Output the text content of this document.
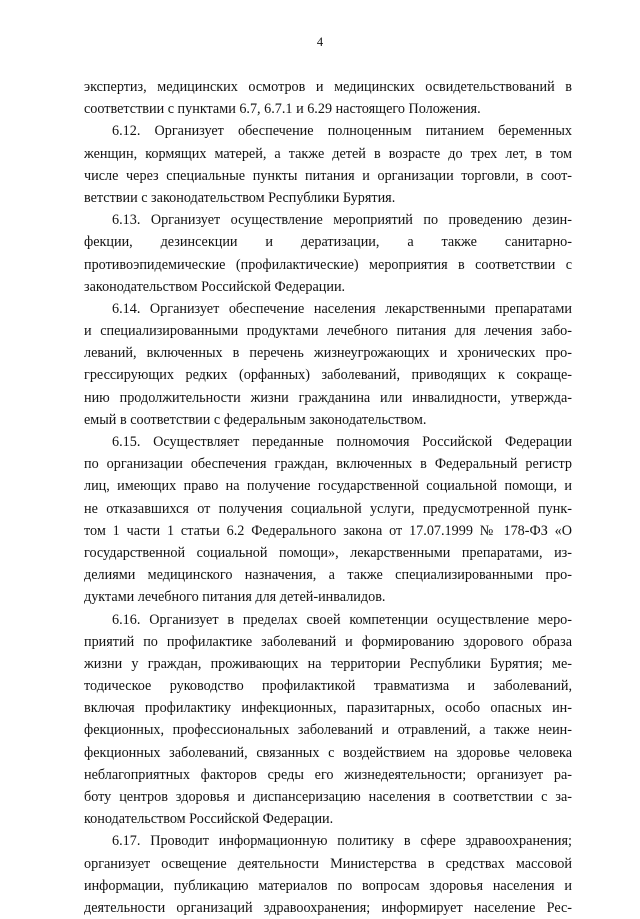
4
экспертиз, медицинских осмотров и медицинских освидетельствований в
соответствии с пунктами 6.7, 6.7.1 и 6.29 настоящего Положения.
6.12. Организует обеспечение полноценным питанием беременных
женщин, кормящих матерей, а также детей в возрасте до трех лет, в том
числе через специальные пункты питания и организации торговли, в соот-
ветствии с законодательством Республики Бурятия.
6.13. Организует осуществление мероприятий по проведению дезин-
фекции, дезинсекции и дератизации, а также санитарно-
противоэпидемические (профилактические) мероприятия в соответствии с
законодательством Российской Федерации.
6.14. Организует обеспечение населения лекарственными препаратами
и специализированными продуктами лечебного питания для лечения забо-
леваний, включенных в перечень жизнеугрожающих и хронических про-
грессирующих редких (орфанных) заболеваний, приводящих к сокраще-
нию продолжительности жизни гражданина или инвалидности, утвержда-
емый в соответствии с федеральным законодательством.
6.15. Осуществляет переданные полномочия Российской Федерации
по организации обеспечения граждан, включенных в Федеральный регистр
лиц, имеющих право на получение государственной социальной помощи, и
не отказавшихся от получения социальной услуги, предусмотренной пунк-
том 1 части 1 статьи 6.2 Федерального закона от 17.07.1999 № 178-ФЗ «О
государственной социальной помощи», лекарственными препаратами, из-
делиями медицинского назначения, а также специализированными про-
дуктами лечебного питания для детей-инвалидов.
6.16. Организует в пределах своей компетенции осуществление меро-
приятий по профилактике заболеваний и формированию здорового образа
жизни у граждан, проживающих на территории Республики Бурятия; ме-
тодическое руководство профилактикой травматизма и заболеваний,
включая профилактику инфекционных, паразитарных, особо опасных ин-
фекционных, профессиональных заболеваний и отравлений, а также неин-
фекционных заболеваний, связанных с воздействием на здоровье человека
неблагоприятных факторов среды его жизнедеятельности; организует ра-
боту центров здоровья и диспансеризацию населения в соответствии с за-
конодательством Российской Федерации.
6.17. Проводит информационную политику в сфере здравоохранения;
организует освещение деятельности Министерства в средствах массовой
информации, публикацию материалов по вопросам здоровья населения и
деятельности организаций здравоохранения; информирует население Рес-
